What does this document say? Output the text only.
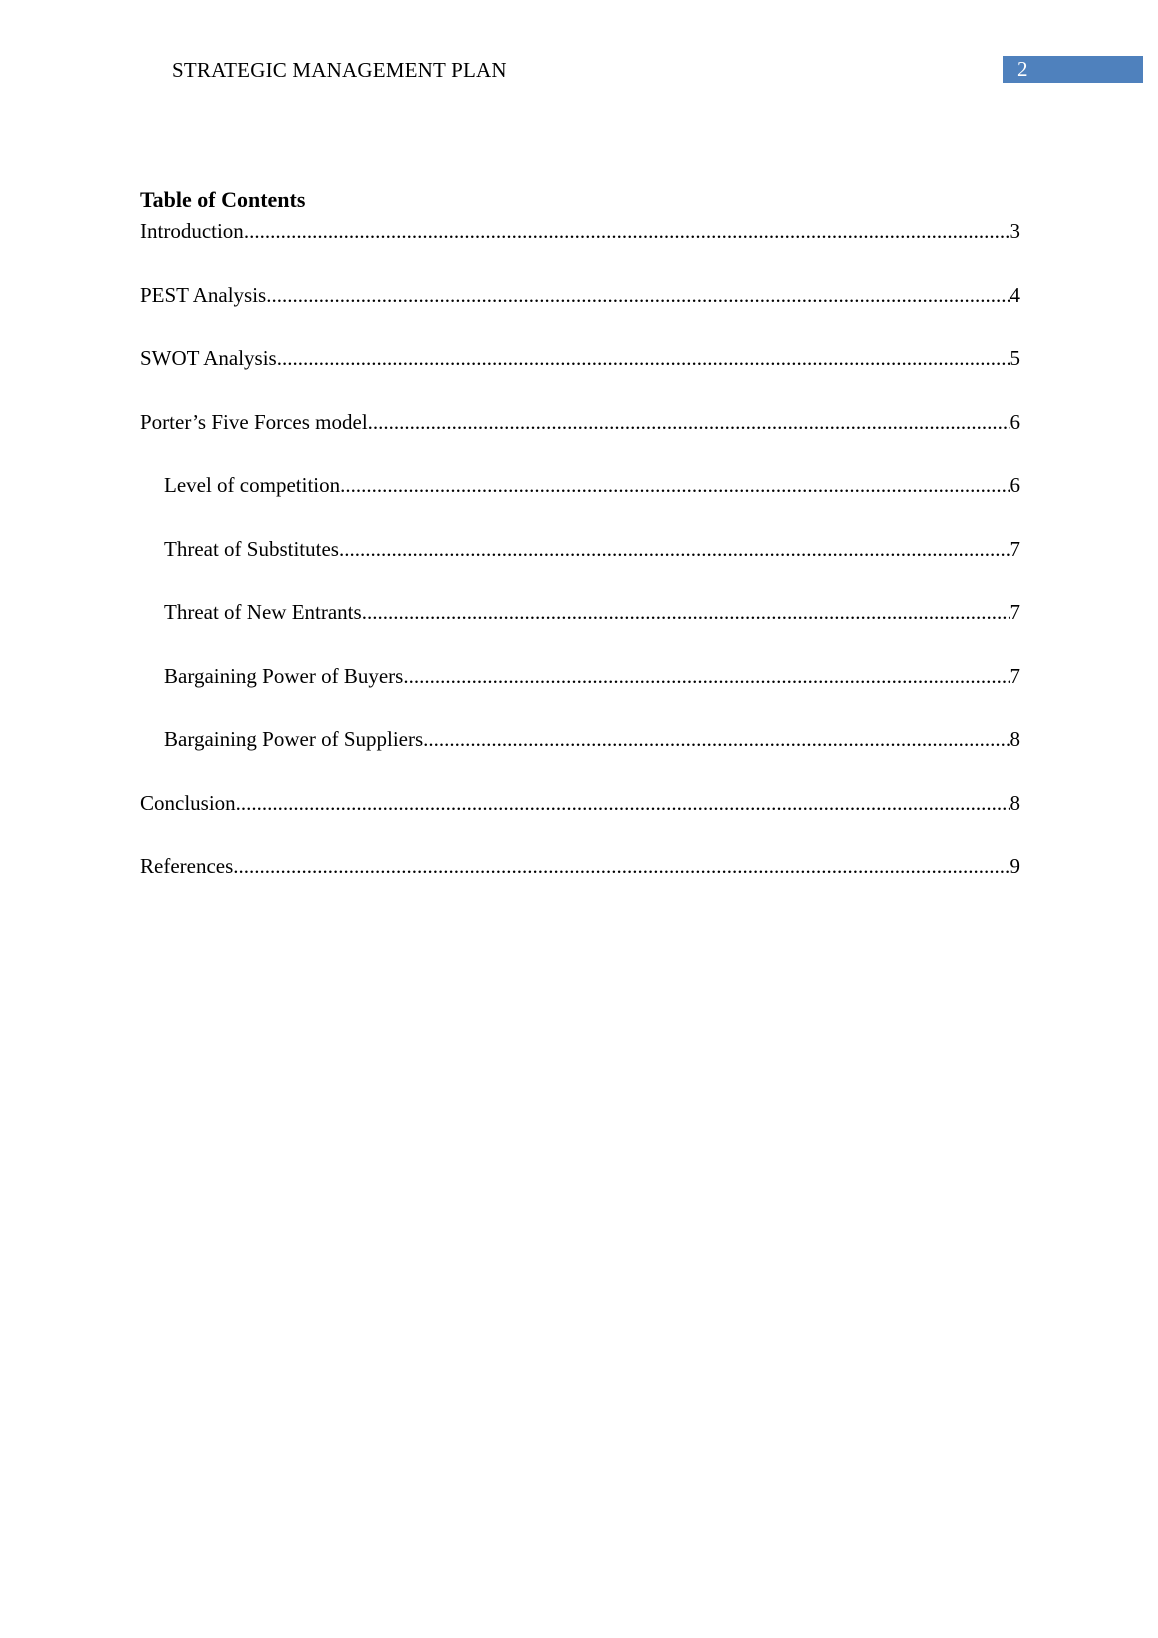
STRATEGIC MANAGEMENT PLAN	2
Table of Contents
Introduction .....	3
PEST Analysis .....	4
SWOT Analysis .....	5
Porter’s Five Forces model .....	6
Level of competition .....	6
Threat of Substitutes .....	7
Threat of New Entrants .....	7
Bargaining Power of Buyers .....	7
Bargaining Power of Suppliers .....	8
Conclusion .....	8
References .....	9
